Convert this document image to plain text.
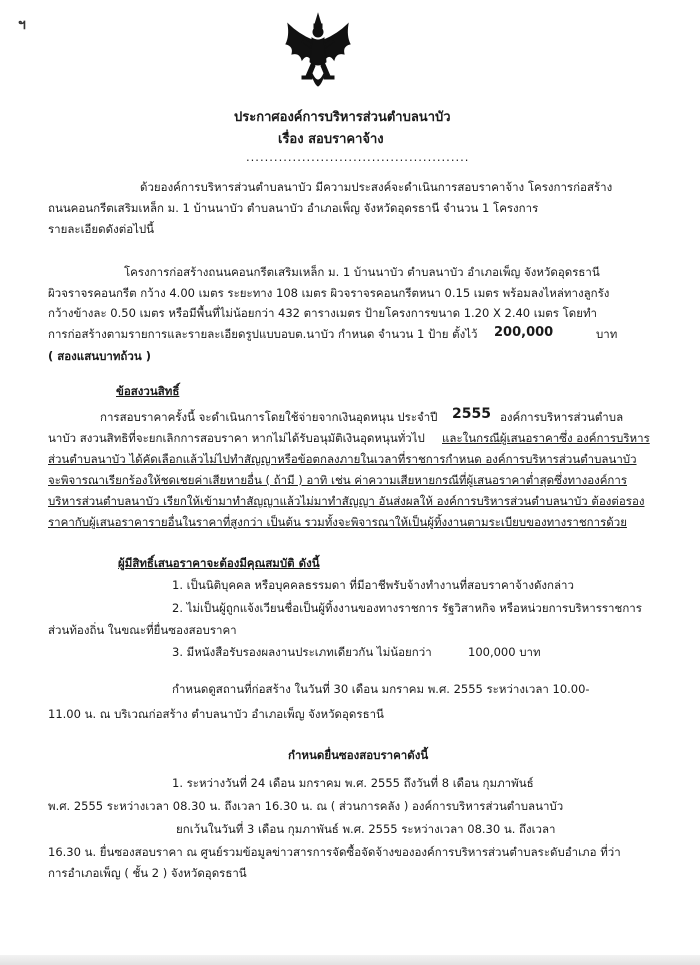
ฯ
ประกาศองค์การบริหารส่วนตำบลนาบัว
เรื่อง สอบราคาจ้าง
................................................
ด้วยองค์การบริหารส่วนตำบลนาบัว มีความประสงค์จะดำเนินการสอบราคาจ้าง โครงการก่อสร้าง
ถนนคอนกรีตเสริมเหล็ก ม. 1 บ้านนาบัว ตำบลนาบัว อำเภอเพ็ญ จังหวัดอุดรธานี จำนวน 1 โครงการ
รายละเอียดดังต่อไปนี้
โครงการก่อสร้างถนนคอนกรีตเสริมเหล็ก ม. 1 บ้านนาบัว ตำบลนาบัว อำเภอเพ็ญ จังหวัดอุดรธานี
ผิวจราจรคอนกรีต กว้าง 4.00 เมตร ระยะทาง 108 เมตร ผิวจราจรคอนกรีตหนา 0.15 เมตร พร้อมลงไหล่ทางลูกรัง
กว้างข้างละ 0.50 เมตร หรือมีพื้นที่ไม่น้อยกว่า 432 ตารางเมตร ป้ายโครงการขนาด 1.20 X 2.40 เมตร โดยทำ
การก่อสร้างตามรายการและรายละเอียดรูปแบบอบต.นาบัว กำหนด จำนวน 1 ป้าย ตั้งไว้ 200,000	บาท
( สองแสนบาทถ้วน )
ข้อสงวนสิทธิ์
การสอบราคาครั้งนี้ จะดำเนินการโดยใช้จ่ายจากเงินอุดหนุน ประจำปี 2555 องค์การบริหารส่วนตำบล
นาบัว สงวนสิทธิที่จะยกเลิกการสอบราคา หากไม่ได้รับอนุมัติเงินอุดหนุนทั่วไป และในกรณีผู้เสนอราคาซึ่ง องค์การบริหาร
ส่วนตำบลนาบัว ได้คัดเลือกแล้วไม่ไปทำสัญญาหรือข้อตกลงภายในเวลาที่ราชการกำหนด องค์การบริหารส่วนตำบลนาบัว
จะพิจารณาเรียกร้องให้ชดเชยค่าเสียหายอื่น ( ถ้ามี ) อาทิ เช่น ค่าความเสียหายกรณีที่ผู้เสนอราคาต่ำสุดซึ่งทางองค์การ
บริหารส่วนตำบลนาบัว เรียกให้เข้ามาทำสัญญาแล้วไม่มาทำสัญญา อันส่งผลให้ องค์การบริหารส่วนตำบลนาบัว ต้องต่อรอง
ราคากับผู้เสนอราคารายอื่นในราคาที่สูงกว่า เป็นต้น รวมทั้งจะพิจารณาให้เป็นผู้ทิ้งงานตามระเบียบของทางราชการด้วย
ผู้มีสิทธิ์เสนอราคาจะต้องมีคุณสมบัติ ดังนี้
1. เป็นนิติบุคคล หรือบุคคลธรรมดา ที่มีอาชีพรับจ้างทำงานที่สอบราคาจ้างดังกล่าว
2. ไม่เป็นผู้ถูกแจ้งเวียนชื่อเป็นผู้ทิ้งงานของทางราชการ รัฐวิสาหกิจ หรือหน่วยการบริหารราชการ
ส่วนท้องถิ่น ในขณะที่ยื่นซองสอบราคา
3. มีหนังสือรับรองผลงานประเภทเดียวกัน ไม่น้อยกว่า	100,000 บาท
กำหนดดูสถานที่ก่อสร้าง ในวันที่ 30 เดือน มกราคม พ.ศ. 2555 ระหว่างเวลา 10.00-
11.00 น. ณ บริเวณก่อสร้าง ตำบลนาบัว อำเภอเพ็ญ จังหวัดอุดรธานี
กำหนดยื่นซองสอบราคาดังนี้
1. ระหว่างวันที่ 24 เดือน มกราคม พ.ศ. 2555 ถึงวันที่ 8 เดือน กุมภาพันธ์
พ.ศ. 2555 ระหว่างเวลา 08.30 น. ถึงเวลา 16.30 น. ณ ( ส่วนการคลัง ) องค์การบริหารส่วนตำบลนาบัว
ยกเว้นในวันที่ 3 เดือน กุมภาพันธ์ พ.ศ. 2555 ระหว่างเวลา 08.30 น. ถึงเวลา
16.30 น. ยื่นซองสอบราคา ณ ศูนย์รวมข้อมูลข่าวสารการจัดซื้อจัดจ้างขององค์การบริหารส่วนตำบลระดับอำเภอ ที่ว่า
การอำเภอเพ็ญ ( ชั้น 2 ) จังหวัดอุดรธานี
